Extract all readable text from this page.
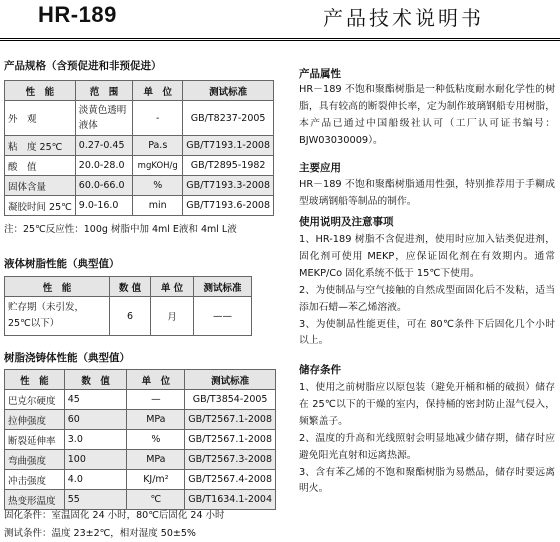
HR-189	产品技术说明书
产品规格（含预促进和非预促进）
性　能	范　围	单　位	测试标准
外　观	淡黄色透明液体	-	GB/T8237-2005
粘　度 25℃	0.27-0.45	Pa.s	GB/T7193.1-2008
酸　值	20.0-28.0	mgKOH/g	GB/T2895-1982
固体含量	60.0-66.0	%	GB/T7193.3-2008
凝胶时间 25℃	9.0-16.0	min	GB/T7193.6-2008
注：25℃反应性：100g 树脂中加 4ml E液和 4ml L液
液体树脂性能（典型值）
性　能	数 值	单 位	测试标准
贮存期（未引发，25℃以下）	6	月	——
树脂浇铸体性能（典型值）
性　能	数　值	单　位	测试标准
巴克尔硬度	45	—	GB/T3854-2005
拉伸强度	60	MPa	GB/T2567.1-2008
断裂延伸率	3.0	%	GB/T2567.1-2008
弯曲强度	100	MPa	GB/T2567.3-2008
冲击强度	4.0	KJ/m²	GB/T2567.4-2008
热变形温度	55	℃	GB/T1634.1-2004
固化条件：室温固化 24 小时，80℃后固化 24 小时
测试条件：温度 23±2℃，相对湿度 50±5%
产品属性

HR－189 不饱和聚酯树脂是一种低粘度耐水耐化学性的树脂，具有较高的断裂伸长率，定为制作玻璃钢船专用树脂，本产品已通过中国船级社认可（工厂认可证书编号：BJW03030009）。

主要应用

HR－189 不饱和聚酯树脂通用性强，特别推荐用于手糊成型玻璃钢船等制品的制作。

使用说明及注意事项

1、HR-189 树脂不含促进剂，使用时应加入钴类促进剂，固化剂可使用 MEKP，应保证固化剂在有效期内。通常 MEKP/Co 固化系统不低于 15℃下使用。

2、为使制品与空气接触的自然成型面固化后不发粘，适当添加石蜡—苯乙烯溶液。

3、为使制品性能更佳，可在 80℃条件下后固化几个小时以上。

储存条件

1、使用之前树脂应以原包装（避免开桶和桶的破损）储存在 25℃以下的干燥的室内，保持桶的密封防止湿气侵入，频繁盖子。

2、温度的升高和光线照射会明显地减少储存期，储存时应避免阳光直射和远离热源。

3、含有苯乙烯的不饱和聚酯树脂为易燃品，储存时要远离明火。
